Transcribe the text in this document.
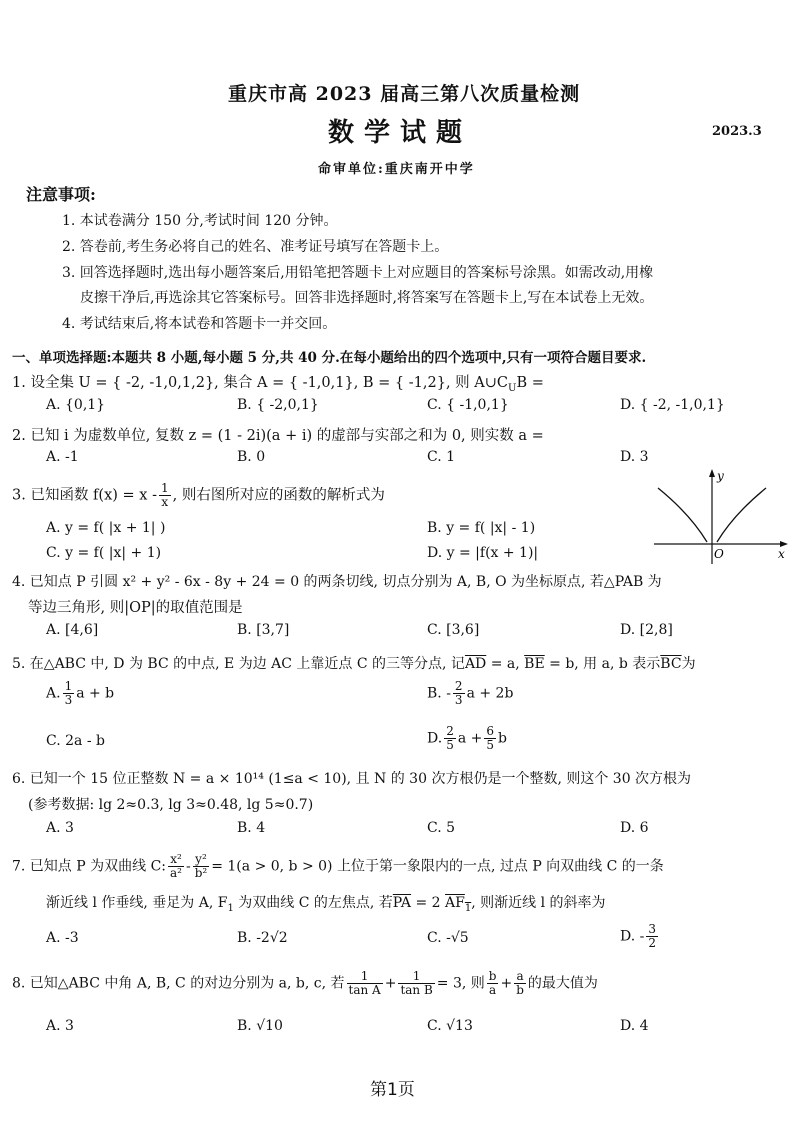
重庆市高 2023 届高三第八次质量检测
数学试题	2023.3
命审单位:重庆南开中学
注意事项:
1. 本试卷满分 150 分,考试时间 120 分钟。
2. 答卷前,考生务必将自己的姓名、准考证号填写在答题卡上。
3. 回答选择题时,选出每小题答案后,用铅笔把答题卡上对应题目的答案标号涂黑。如需改动,用橡
皮擦干净后,再选涂其它答案标号。回答非选择题时,将答案写在答题卡上,写在本试卷上无效。
4. 考试结束后,将本试卷和答题卡一并交回。
一、单项选择题:本题共 8 小题,每小题 5 分,共 40 分.在每小题给出的四个选项中,只有一项符合题目要求.
1. 设全集 U = { -2, -1,0,1,2}, 集合 A = { -1,0,1}, B = { -1,2}, 则 $A\cup C_UB$ =
A. {0,1}	B. { -2,0,1}	C. { -1,0,1}	D. { -2, -1,0,1}
2. 已知 i 为虚数单位, 复数 z = (1 - 2i)(a + i) 的虚部与实部之和为 0, 则实数 a =
A. -1	B. 0	C. 1	D. 3
3. 已知函数 $f(x) = x - \frac{1}{x}$ , 则右图所对应的函数的解析式为
A. y = f( |x + 1| )	B. y = f( |x| - 1)
C. y = f( |x| + 1)	D. y = |f(x + 1)|
y
x
O
4. 已知点 P 引圆 x² + y² - 6x - 8y + 24 = 0 的两条切线, 切点分别为 A, B, O 为坐标原点, 若△PAB 为
等边三角形, 则|OP|的取值范围是
A. [4,6]	B. [3,7]	C. [3,6]	D. [2,8]
5. 在△ABC 中, D 为 BC 的中点, E 为边 AC 上靠近点 C 的三等分点, 记$\overline{AD} = a$, $\overline{BE} = b$, 用 a, b 表示$\overline{BC}$为
A. $\frac{1}{3}$ a + b	B. - $\frac{2}{3}$ a + 2b
C. 2a - b	D. $\frac{2}{5}$ $a + \frac{6}{5}$ b
6. 已知一个 15 位正整数 N = a × 10¹⁴ (1≤a < 10), 且 N 的 30 次方根仍是一个整数, 则这个 30 次方根为
(参考数据: lg 2≈0.3, lg 3≈0.48, lg 5≈0.7)
A. 3	B. 4	C. 5	D. 6
7. 已知点 P 为双曲线 C: $\frac{\text{x²}}{\text{a²}} - \frac{\text{y²}}{\text{b²}} = 1(a > 0$, b > 0) 上位于第一象限内的一点, 过点 P 向双曲线 C 的一条
渐近线 l 作垂线, 垂足为 A, $F_1$ 为双曲线 C 的左焦点, 若$\overline{PA} = 2$ $AF_1$, 则渐近线 l 的斜率为
A. -3	B. -2√2	C. -√5	D. - $\frac{3}{2}$
8. 已知△ABC 中角 A, B, C 的对边分别为 a, b, c, 若 $\frac{1}{\text{tan A}} + \frac{1}{\text{tan B}} = 3$, 则 $\frac{b}{a} + \frac{a}{b}$ 的最大值为
A. 3	B. √10	C. √13	D. 4
第1页
